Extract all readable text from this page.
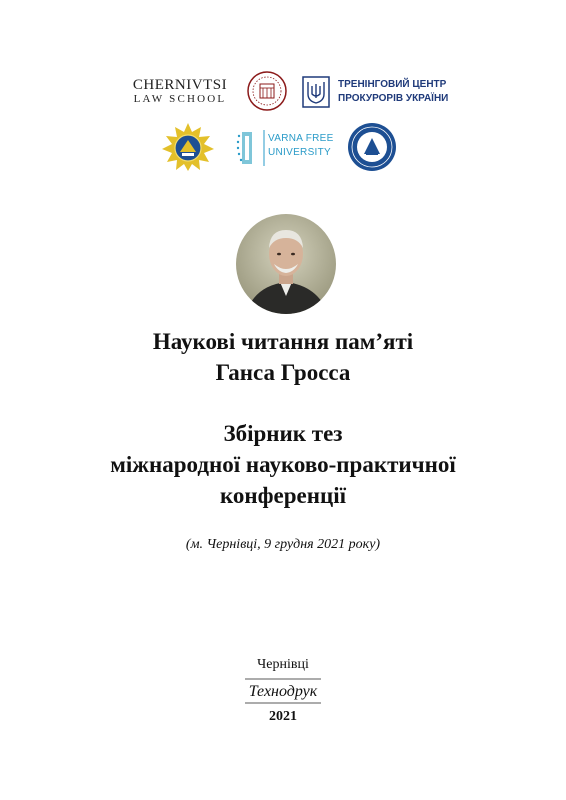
CHERNIVTSI
LAW SCHOOL
ТРЕНІНГОВИЙ ЦЕНТР
ПРОКУРОРІВ УКРАЇНИ
VARNA FREE
UNIVERSITY
Наукові читання пам’яті
Ганса Гросса
Збірник тез
міжнародної науково-практичної
конференції
(м. Чернівці, 9 грудня 2021 року)
Чернівці
Технодрук
2021
